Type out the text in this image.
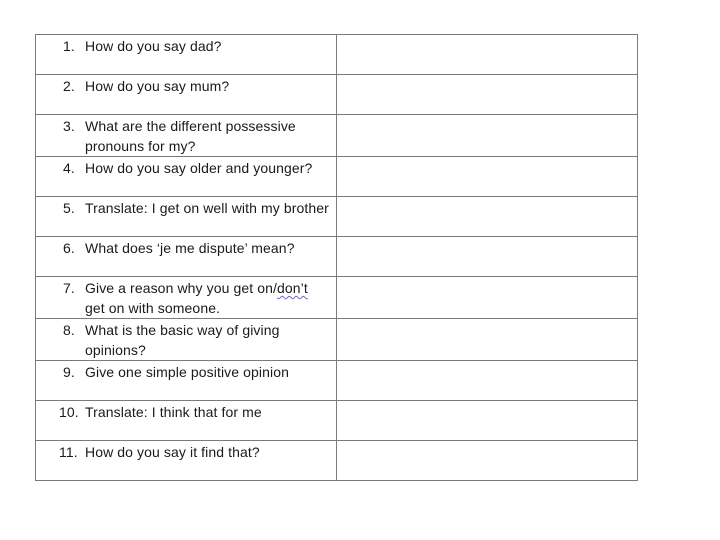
1. How do you say dad?	

2. How do you say mum?	

3. What are the different possessive pronouns for my?	

4. How do you say older and younger?	

5. Translate: I get on well with my brother	

6. What does ‘je me dispute’ mean?	

7. Give a reason why you get on/don’t get on with someone.	

8. What is the basic way of giving opinions?	

9. Give one simple positive opinion	

10. Translate: I think that for me	

11. How do you say it find that?	
